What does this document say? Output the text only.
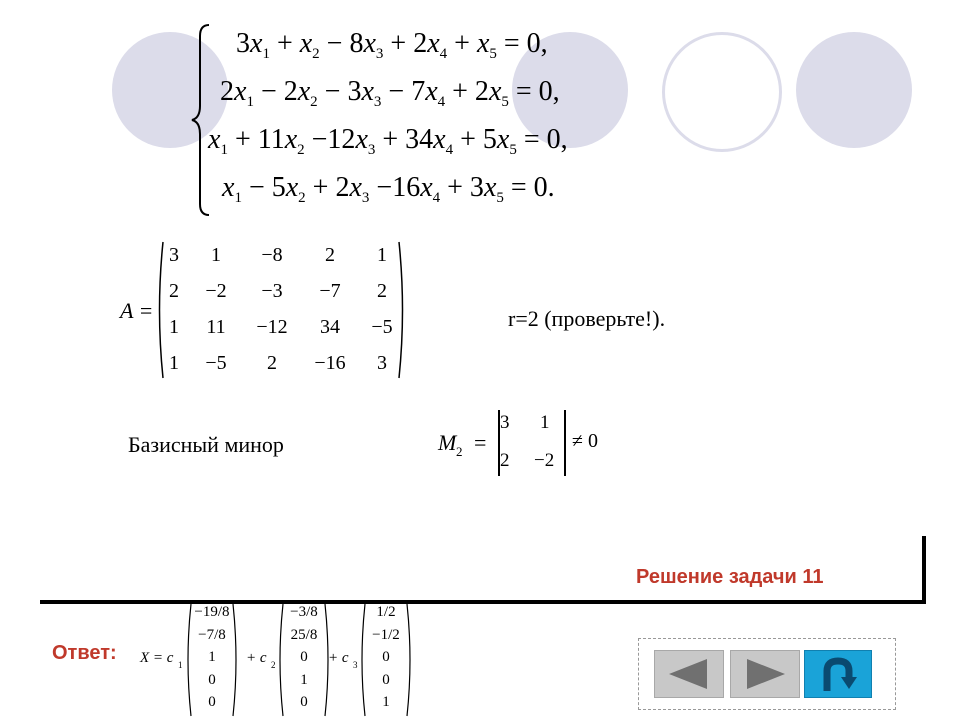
$3x_1 + x_2 - 8x_3 + 2x_4 + x_5 = 0$,
$2x_1 - 2x_2 - 3x_3 - 7x_4 + 2x_5 = 0$,
$x_1 + 11x_2 -12x_3 + 34x_4 + 5x_5 = 0$,
$x_1 - 5x_2 + 2x_3 -16x_4 + 3x_5 = 0$.
A =
3	1	−8	2	1
2	−2	−3	−7	2
1	11	−12	34	−5
1	−5	2	−16	3
r=2 (проверьте!).
Базисный минор	M 2 =
3 1
2 −2
≠ 0
Решение задачи 11
Ответ: X = c 1
−19/8
−7/8
1
0
0
+ c 2
−3/8
25/8
0
1
0
+ c 3
1/2
−1/2
0
0
1
